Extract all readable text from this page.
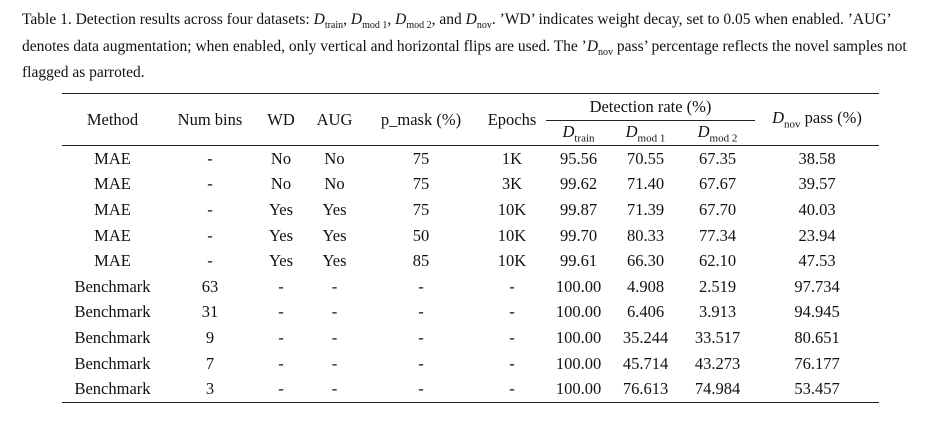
Table 1. Detection results across four datasets: $D_{train}$, $D_{mod 1}$, $D_{mod 2}$, and $D_{nov}$. ’WD’ indicates weight decay, set to 0.05 when enabled. ’AUG’ denotes data augmentation; when enabled, only vertical and horizontal flips are used. The $’D_{nov}$ pass’ percentage reflects the novel samples not flagged as parroted.
Method	Num bins	WD	AUG	p_mask (%)	Epochs	Detection rate (%)			$D_{nov}$ pass (%)
						$D_{train}$	$D_{mod 1}$	$D_{mod 2}$
MAE	-	No	No	75	1K	95.56	70.55	67.35	38.58
MAE	-	No	No	75	3K	99.62	71.40	67.67	39.57
MAE	-	Yes	Yes	75	10K	99.87	71.39	67.70	40.03
MAE	-	Yes	Yes	50	10K	99.70	80.33	77.34	23.94
MAE	-	Yes	Yes	85	10K	99.61	66.30	62.10	47.53
Benchmark	63	-	-	-	-	100.00	4.908	2.519	97.734
Benchmark	31	-	-	-	-	100.00	6.406	3.913	94.945
Benchmark	9	-	-	-	-	100.00	35.244	33.517	80.651
Benchmark	7	-	-	-	-	100.00	45.714	43.273	76.177
Benchmark	3	-	-	-	-	100.00	76.613	74.984	53.457
